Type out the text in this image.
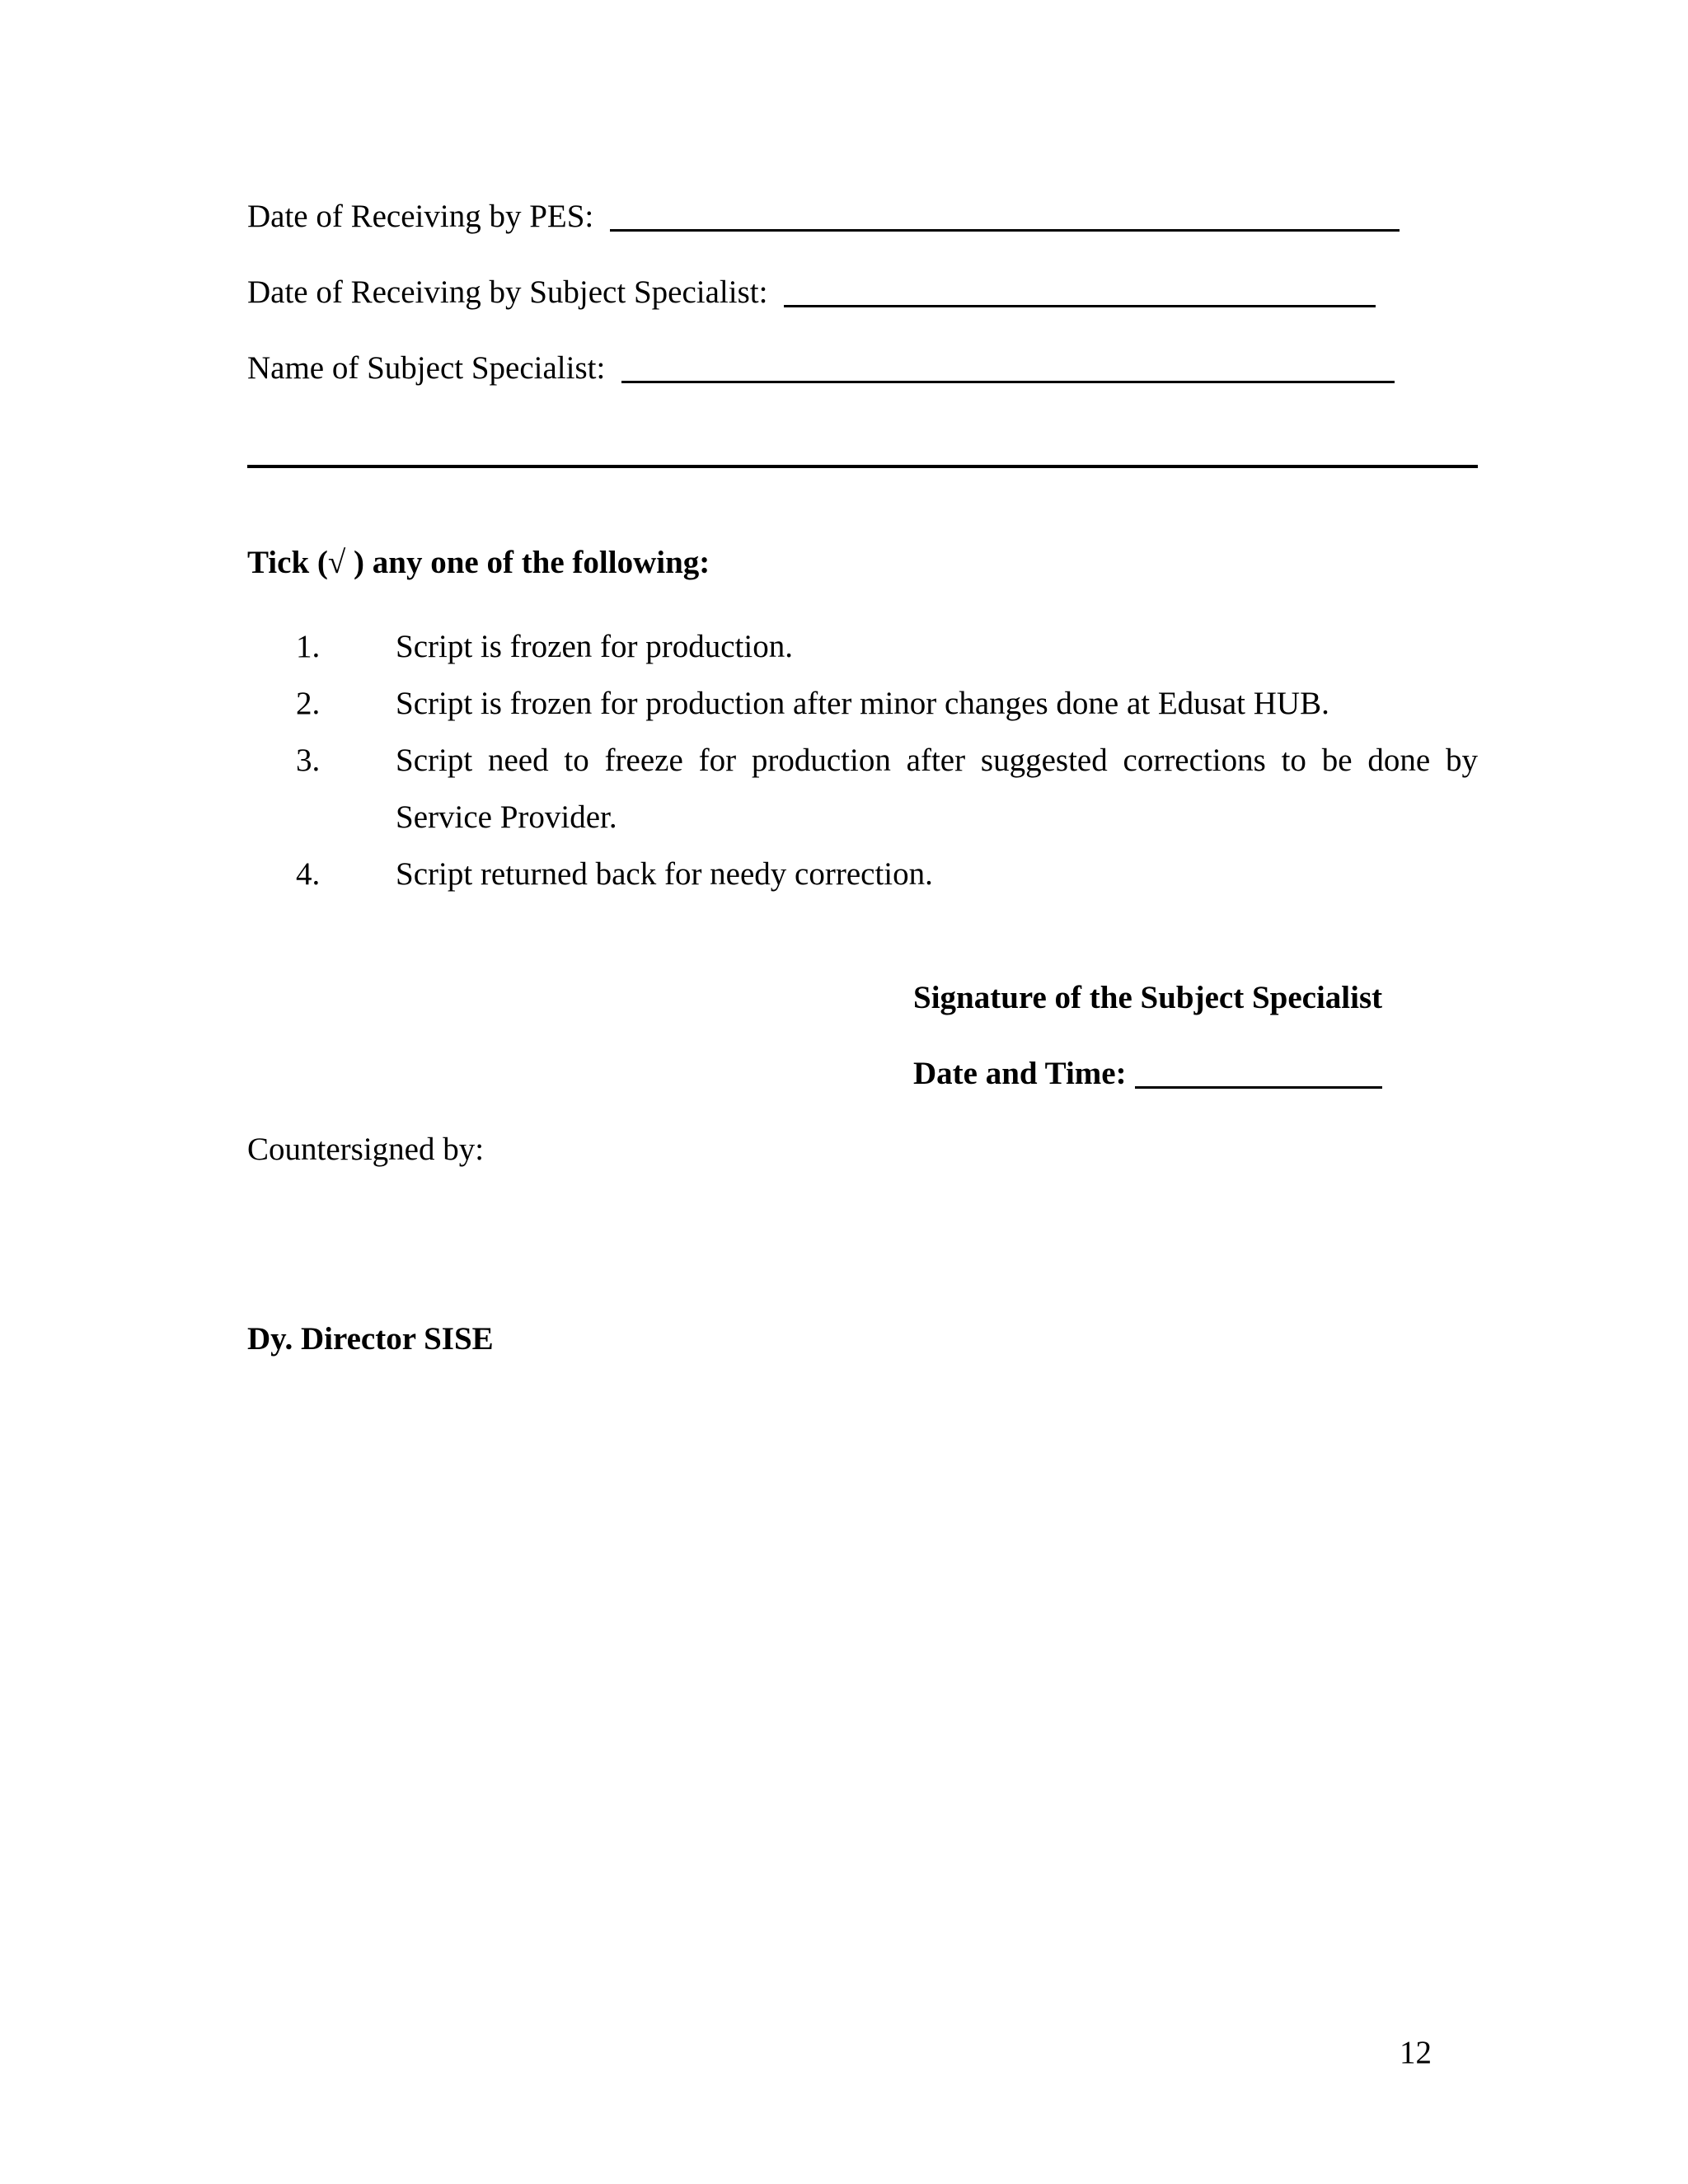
Date of Receiving by PES:
Date of Receiving by Subject Specialist:
Name of Subject Specialist:
Tick (√ ) any one of the following:
1.	Script is frozen for production.
2.	Script is frozen for production after minor changes done at Edusat HUB.
3.	Script need to freeze for production after suggested corrections to be done by Service Provider.
4.	Script returned back for needy correction.
Signature of the Subject Specialist
Date and Time:
Countersigned by:
Dy. Director SISE
12
